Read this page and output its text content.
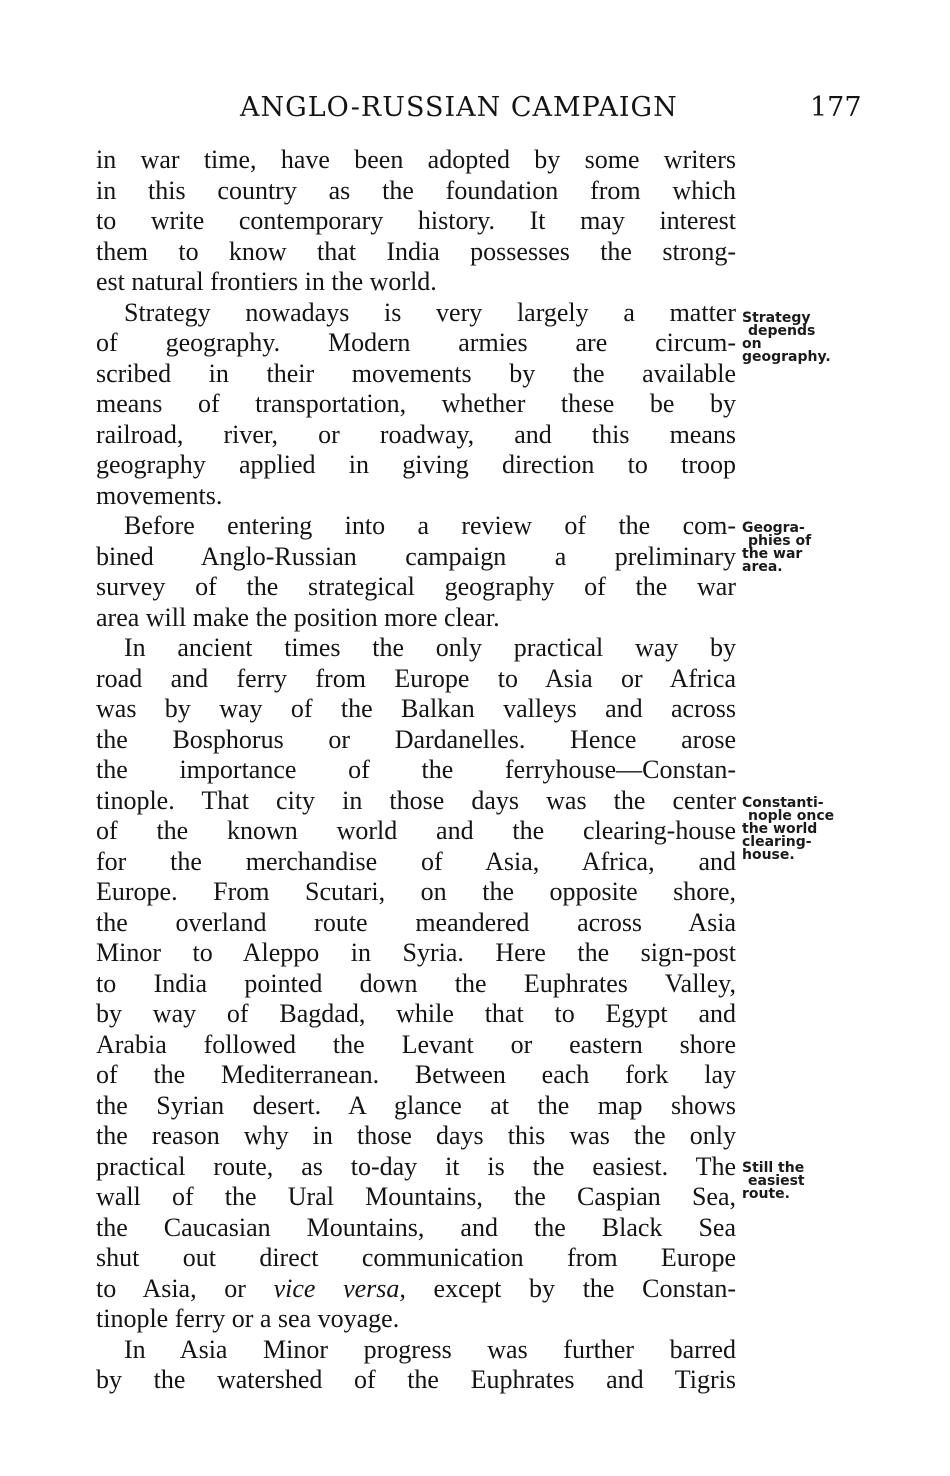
ANGLO-RUSSIAN CAMPAIGN	177
in war time, have been adopted by some writers
in this country as the foundation from which
to write contemporary history. It may interest
them to know that India possesses the strong-
est natural frontiers in the world.
Strategy nowadays is very largely a matter
of geography. Modern armies are circum-
scribed in their movements by the available
means of transportation, whether these be by
railroad, river, or roadway, and this means
geography applied in giving direction to troop
movements.
Before entering into a review of the com-
bined Anglo-Russian campaign a preliminary
survey of the strategical geography of the war
area will make the position more clear.
In ancient times the only practical way by
road and ferry from Europe to Asia or Africa
was by way of the Balkan valleys and across
the Bosphorus or Dardanelles. Hence arose
the importance of the ferryhouse—Constan-
tinople. That city in those days was the center
of the known world and the clearing-house
for the merchandise of Asia, Africa, and
Europe. From Scutari, on the opposite shore,
the overland route meandered across Asia
Minor to Aleppo in Syria. Here the sign-post
to India pointed down the Euphrates Valley,
by way of Bagdad, while that to Egypt and
Arabia followed the Levant or eastern shore
of the Mediterranean. Between each fork lay
the Syrian desert. A glance at the map shows
the reason why in those days this was the only
practical route, as to-day it is the easiest. The
wall of the Ural Mountains, the Caspian Sea,
the Caucasian Mountains, and the Black Sea
shut out direct communication from Europe
to Asia, or vice versa, except by the Constan-
tinople ferry or a sea voyage.
In Asia Minor progress was further barred
by the watershed of the Euphrates and Tigris
Strategy
depends
on
geography.
Geogra-
phies of
the war
area.
Constanti-
nople once
the world
clearing-
house.
Still the
easiest
route.
